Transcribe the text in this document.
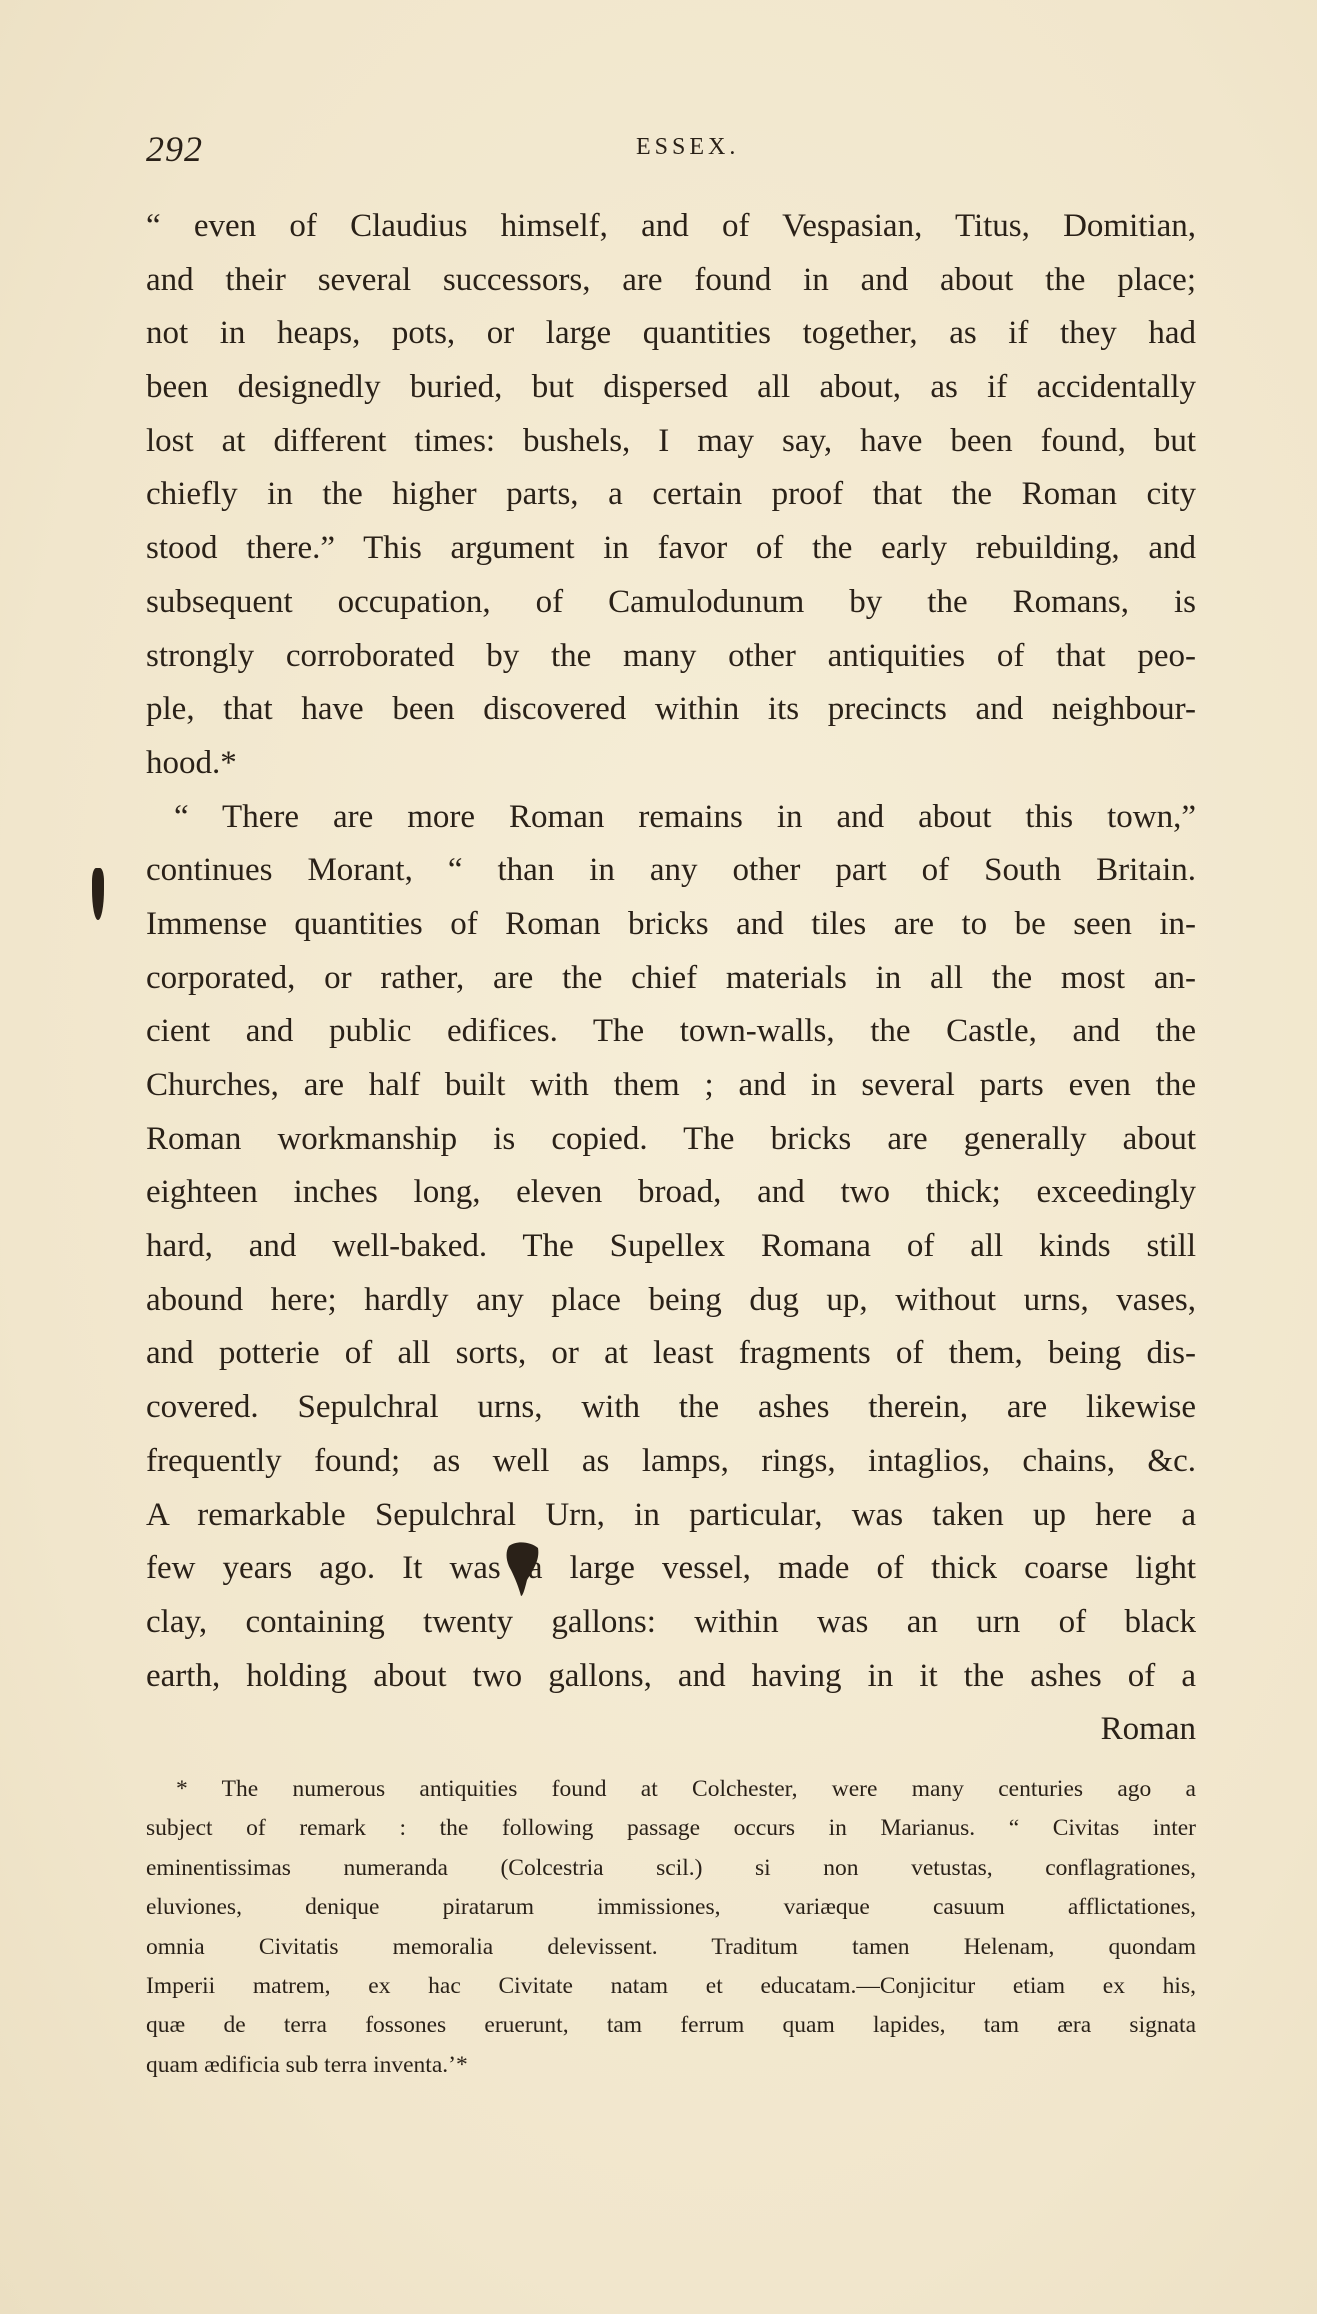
292	ESSEX.
“ even of Claudius himself, and of Vespasian, Titus, Domitian,
and their several successors, are found in and about the place;
not in heaps, pots, or large quantities together, as if they had
been designedly buried, but dispersed all about, as if accidentally
lost at different times: bushels, I may say, have been found, but
chiefly in the higher parts, a certain proof that the Roman city
stood there.” This argument in favor of the early rebuilding, and
subsequent occupation, of Camulodunum by the Romans, is
strongly corroborated by the many other antiquities of that peo-
ple, that have been discovered within its precincts and neighbour-
hood.*
“ There are more Roman remains in and about this town,”
continues Morant, “ than in any other part of South Britain.
Immense quantities of Roman bricks and tiles are to be seen in-
corporated, or rather, are the chief materials in all the most an-
cient and public edifices. The town-walls, the Castle, and the
Churches, are half built with them ; and in several parts even the
Roman workmanship is copied. The bricks are generally about
eighteen inches long, eleven broad, and two thick; exceedingly
hard, and well-baked. The Supellex Romana of all kinds still
abound here; hardly any place being dug up, without urns, vases,
and potterie of all sorts, or at least fragments of them, being dis-
covered. Sepulchral urns, with the ashes therein, are likewise
frequently found; as well as lamps, rings, intaglios, chains, &c.
A remarkable Sepulchral Urn, in particular, was taken up here a
few years ago. It was a large vessel, made of thick coarse light
clay, containing twenty gallons: within was an urn of black
earth, holding about two gallons, and having in it the ashes of a
Roman
* The numerous antiquities found at Colchester, were many centuries ago a
subject of remark : the following passage occurs in Marianus. “ Civitas inter
eminentissimas numeranda (Colcestria scil.) si non vetustas, conflagrationes,
eluviones, denique piratarum immissiones, variæque casuum afflictationes,
omnia Civitatis memoralia delevissent. Traditum tamen Helenam, quondam
Imperii matrem, ex hac Civitate natam et educatam.—Conjicitur etiam ex his,
quæ de terra fossones eruerunt, tam ferrum quam lapides, tam æra signata
quam ædificia sub terra inventa.’*
